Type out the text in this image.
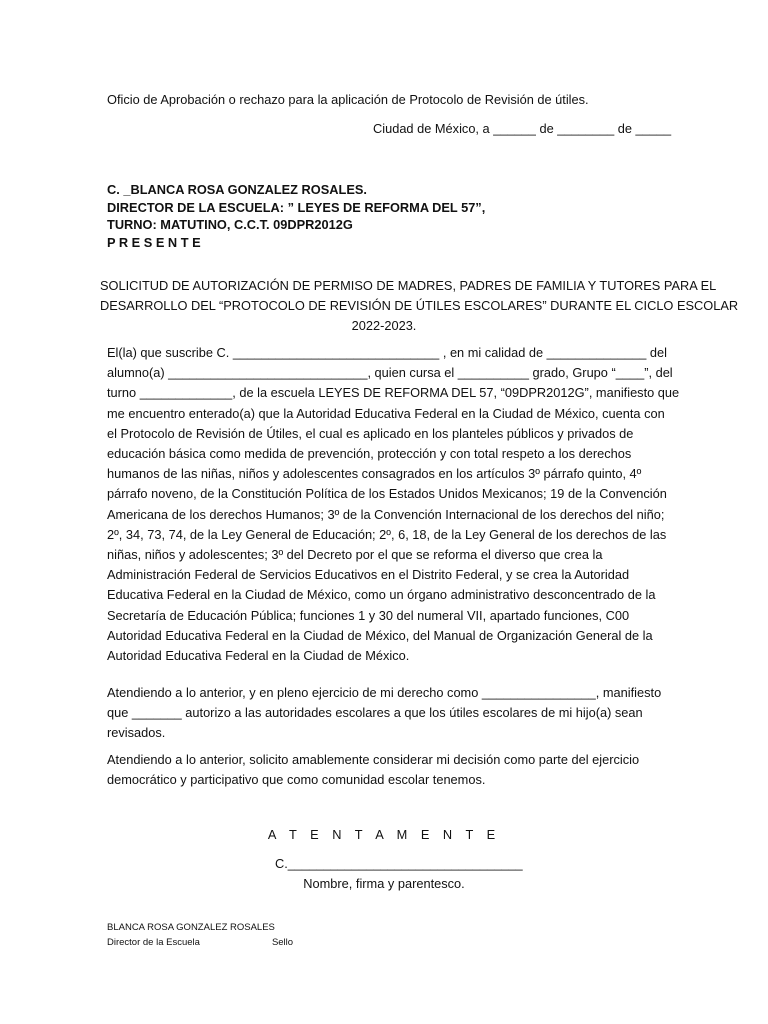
Oficio de Aprobación o rechazo para la aplicación de Protocolo de Revisión de útiles.
Ciudad de México, a ______ de ________ de _____
C. _BLANCA ROSA GONZALEZ ROSALES.
DIRECTOR DE LA ESCUELA: ” LEYES DE REFORMA DEL 57”,
TURNO: MATUTINO, C.C.T. 09DPR2012G
P R E S E N T E
SOLICITUD DE AUTORIZACIÓN DE PERMISO DE MADRES, PADRES DE FAMILIA Y TUTORES PARA EL
DESARROLLO DEL “PROTOCOLO DE REVISIÓN DE ÚTILES ESCOLARES” DURANTE EL CICLO ESCOLAR
2022-2023.
El(la) que suscribe C. _____________________________ , en mi calidad de ______________ del
alumno(a) ____________________________, quien cursa el __________ grado, Grupo “____”, del
turno _____________, de la escuela LEYES DE REFORMA DEL 57, “09DPR2012G”, manifiesto que
me encuentro enterado(a) que la Autoridad Educativa Federal en la Ciudad de México, cuenta con
el Protocolo de Revisión de Útiles, el cual es aplicado en los planteles públicos y privados de
educación básica como medida de prevención, protección y con total respeto a los derechos
humanos de las niñas, niños y adolescentes consagrados en los artículos 3º párrafo quinto, 4º
párrafo noveno, de la Constitución Política de los Estados Unidos Mexicanos; 19 de la Convención
Americana de los derechos Humanos; 3º de la Convención Internacional de los derechos del niño;
2º, 34, 73, 74, de la Ley General de Educación; 2º, 6, 18, de la Ley General de los derechos de las
niñas, niños y adolescentes; 3º del Decreto por el que se reforma el diverso que crea la
Administración Federal de Servicios Educativos en el Distrito Federal, y se crea la Autoridad
Educativa Federal en la Ciudad de México, como un órgano administrativo desconcentrado de la
Secretaría de Educación Pública; funciones 1 y 30 del numeral VII, apartado funciones, C00
Autoridad Educativa Federal en la Ciudad de México, del Manual de Organización General de la
Autoridad Educativa Federal en la Ciudad de México.
Atendiendo a lo anterior, y en pleno ejercicio de mi derecho como ________________, manifiesto
que _______ autorizo a las autoridades escolares a que los útiles escolares de mi hijo(a) sean
revisados.
Atendiendo a lo anterior, solicito amablemente considerar mi decisión como parte del ejercicio
democrático y participativo que como comunidad escolar tenemos.
A T E N T A M E N T E
C._________________________________
Nombre, firma y parentesco.
BLANCA ROSA GONZALEZ ROSALES
Director de la Escuela	Sello
